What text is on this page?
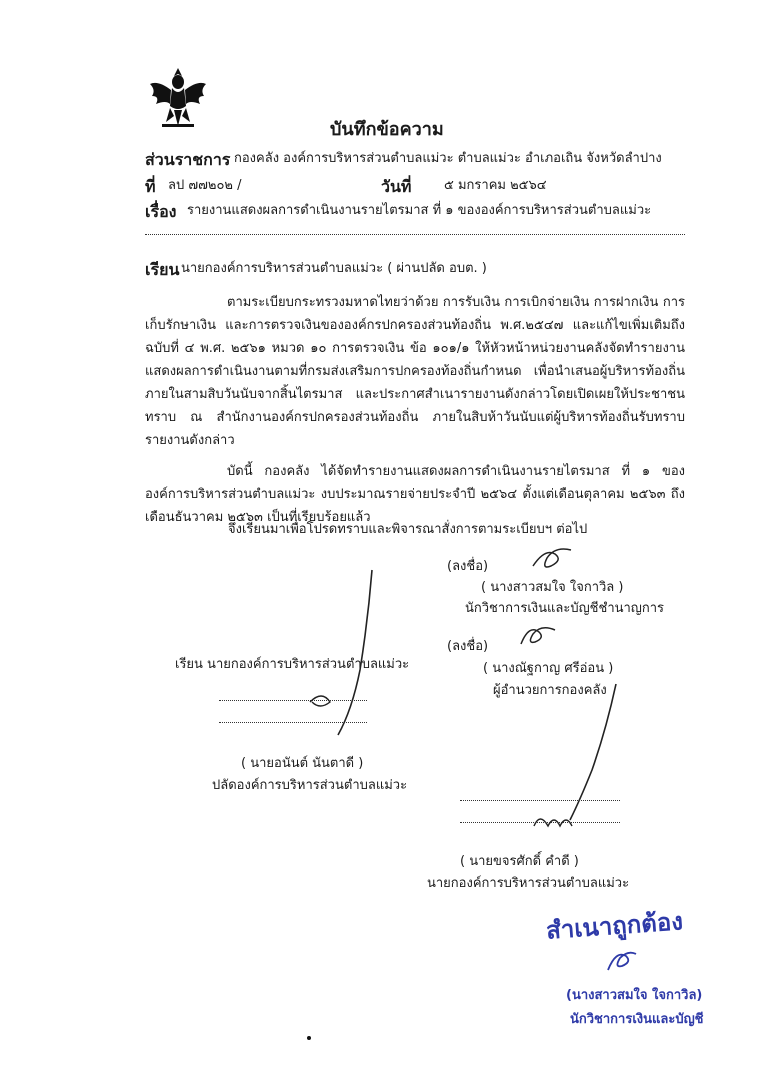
บันทึกข้อความ
ส่วนราชการ กองคลัง องค์การบริหารส่วนตำบลแม่วะ ตำบลแม่วะ อำเภอเถิน จังหวัดลำปาง
ที่ ลป ๗๗๒๐๒ /	วันที่	๕ มกราคม ๒๕๖๔
เรื่อง รายงานแสดงผลการดำเนินงานรายไตรมาส ที่ ๑ ขององค์การบริหารส่วนตำบลแม่วะ
เรียน นายกองค์การบริหารส่วนตำบลแม่วะ ( ผ่านปลัด อบต. )
ตามระเบียบกระทรวงมหาดไทยว่าด้วย การรับเงิน การเบิกจ่ายเงิน การฝากเงิน การเก็บรักษาเงิน และการตรวจเงินขององค์กรปกครองส่วนท้องถิ่น พ.ศ.๒๕๔๗ และแก้ไขเพิ่มเติมถึงฉบับที่ ๔ พ.ศ. ๒๕๖๑ หมวด ๑๐ การตรวจเงิน ข้อ ๑๐๑/๑ ให้หัวหน้าหน่วยงานคลังจัดทำรายงานแสดงผลการดำเนินงานตามที่กรมส่งเสริมการปกครองท้องถิ่นกำหนด เพื่อนำเสนอผู้บริหารท้องถิ่นภายในสามสิบวันนับจากสิ้นไตรมาส และประกาศสำเนารายงานดังกล่าวโดยเปิดเผยให้ประชาชนทราบ ณ สำนักงานองค์กรปกครองส่วนท้องถิ่น ภายในสิบห้าวันนับแต่ผู้บริหารท้องถิ่นรับทราบรายงานดังกล่าว
บัดนี้ กองคลัง ได้จัดทำรายงานแสดงผลการดำเนินงานรายไตรมาส ที่ ๑ ขององค์การบริหารส่วนตำบลแม่วะ งบประมาณรายจ่ายประจำปี ๒๕๖๔ ตั้งแต่เดือนตุลาคม ๒๕๖๓ ถึง เดือนธันวาคม ๒๕๖๓ เป็นที่เรียบร้อยแล้ว
จึงเรียนมาเพื่อโปรดทราบและพิจารณาสั่งการตามระเบียบฯ ต่อไป
(ลงชื่อ)
( นางสาวสมใจ ใจกาวิล )
นักวิชาการเงินและบัญชีชำนาญการ
(ลงชื่อ)
( นางณัฐกาญ ศรีอ่อน )
ผู้อำนวยการกองคลัง
เรียน นายกองค์การบริหารส่วนตำบลแม่วะ
( นายอนันต์ นันตาดี )
ปลัดองค์การบริหารส่วนตำบลแม่วะ
( นายขจรศักดิ์ คำดี )
นายกองค์การบริหารส่วนตำบลแม่วะ
สำเนาถูกต้อง
(นางสาวสมใจ ใจกาวิล)
นักวิชาการเงินและบัญชี
